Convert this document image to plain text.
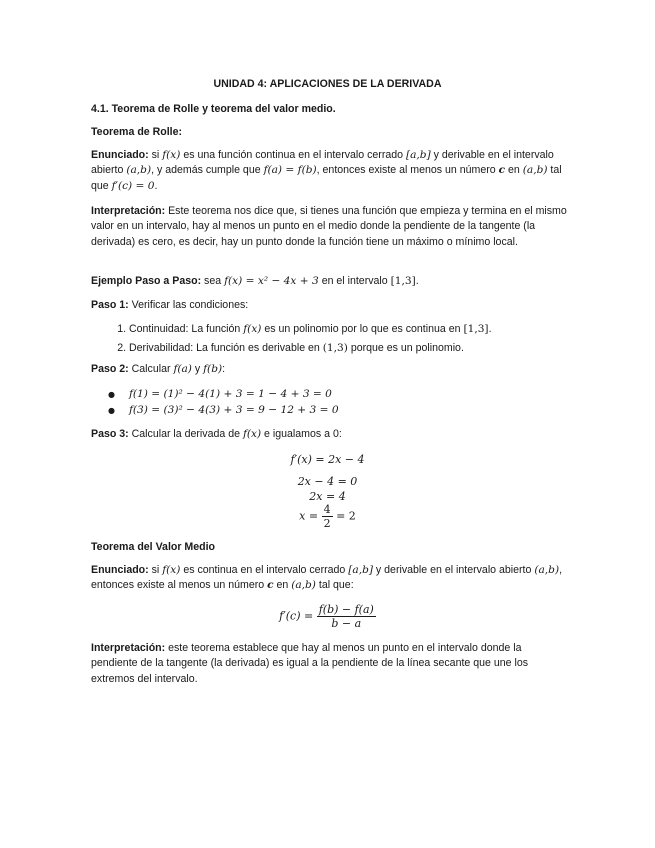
UNIDAD 4: APLICACIONES DE LA DERIVADA

4.1. Teorema de Rolle y teorema del valor medio.

Teorema de Rolle:

Enunciado: si f(x) es una función continua en el intervalo cerrado [a,b] y derivable en el intervalo abierto (a,b), y además cumple que f(a) = f(b), entonces existe al menos un número c en (a,b) tal que f′(c) = 0.

Interpretación: Este teorema nos dice que, si tienes una función que empieza y termina en el mismo valor en un intervalo, hay al menos un punto en el medio donde la pendiente de la tangente (la derivada) es cero, es decir, hay un punto donde la función tiene un máximo o mínimo local.

Ejemplo Paso a Paso: sea f(x) = x² − 4x + 3 en el intervalo [1,3].

Paso 1: Verificar las condiciones:

1. Continuidad: La función f(x) es un polinomio por lo que es continua en [1,3].
2. Derivabilidad: La función es derivable en (1,3) porque es un polinomio.

Paso 2: Calcular f(a) y f(b):

● f(1) = (1)² − 4(1) + 3 = 1 − 4 + 3 = 0
● f(3) = (3)² − 4(3) + 3 = 9 − 12 + 3 = 0

Paso 3: Calcular la derivada de f(x) e igualamos a 0:

f′(x) = 2x − 4
2x − 4 = 0
2x = 4
$x = \frac{4}{2} = 2$

Teorema del Valor Medio

Enunciado: si f(x) es continua en el intervalo cerrado [a,b] y derivable en el intervalo abierto (a,b), entonces existe al menos un número c en (a,b) tal que:

$f'(c) = \frac{f(b) - f(a)}{b - a}$

Interpretación: este teorema establece que hay al menos un punto en el intervalo donde la pendiente de la tangente (la derivada) es igual a la pendiente de la línea secante que une los extremos del intervalo.
